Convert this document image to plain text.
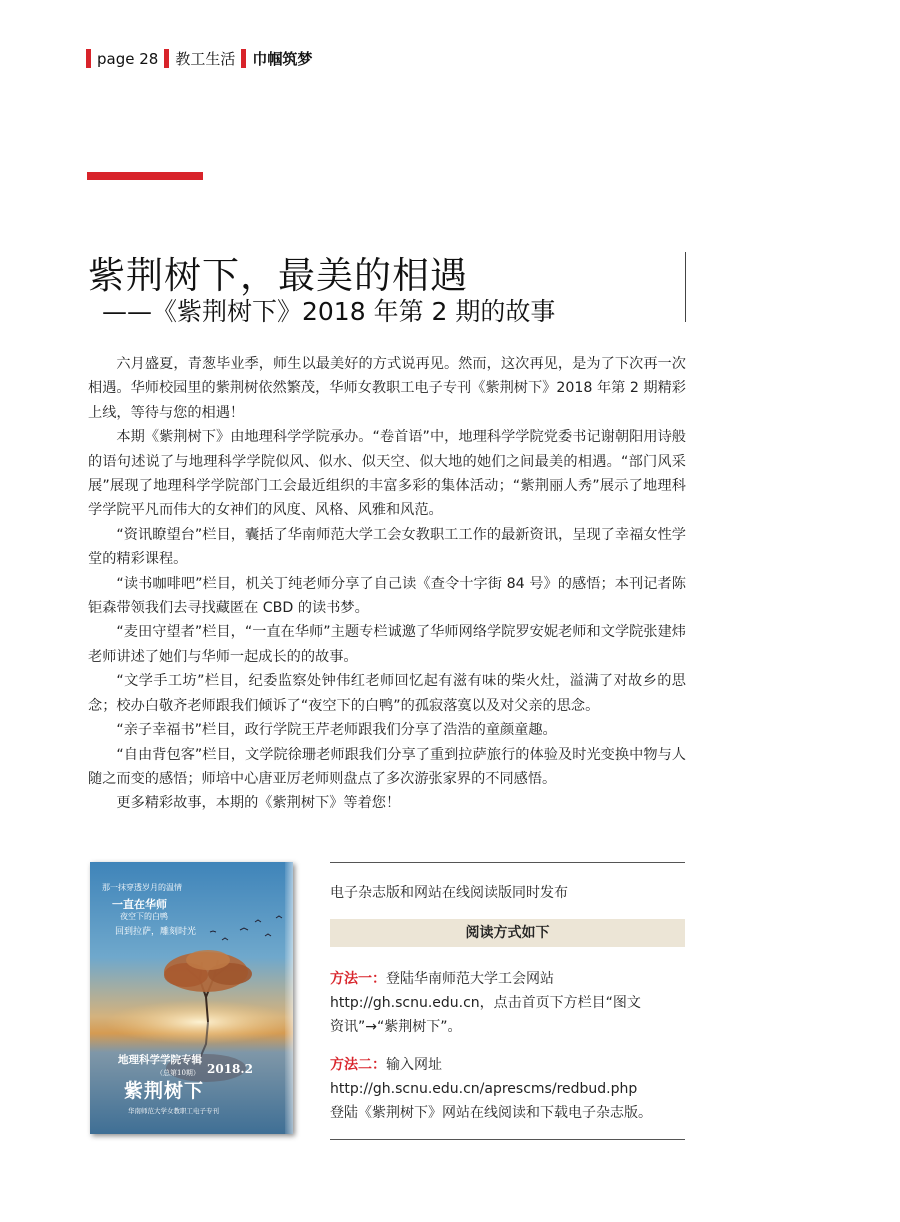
page 28 教工生活 巾帼筑梦
紫荆树下，最美的相遇
——《紫荆树下》2018 年第 2 期的故事

六月盛夏，青葱毕业季，师生以最美好的方式说再见。然而，这次再见，是为了下次再一次相遇。华师校园里的紫荆树依然繁茂，华师女教职工电子专刊《紫荆树下》2018 年第 2 期精彩上线，等待与您的相遇！

本期《紫荆树下》由地理科学学院承办。“卷首语”中，地理科学学院党委书记谢朝阳用诗般的语句述说了与地理科学学院似风、似水、似天空、似大地的她们之间最美的相遇。“部门风采展”展现了地理科学学院部门工会最近组织的丰富多彩的集体活动；“紫荆丽人秀”展示了地理科学学院平凡而伟大的女神们的风度、风格、风雅和风范。

“资讯瞭望台”栏目，囊括了华南师范大学工会女教职工工作的最新资讯，呈现了幸福女性学堂的精彩课程。

“读书咖啡吧”栏目，机关丁纯老师分享了自己读《查令十字街 84 号》的感悟；本刊记者陈钜森带领我们去寻找藏匿在 CBD 的读书梦。

“麦田守望者”栏目，“一直在华师”主题专栏诚邀了华师网络学院罗安妮老师和文学院张建炜老师讲述了她们与华师一起成长的的故事。

“文学手工坊”栏目，纪委监察处钟伟红老师回忆起有滋有味的柴火灶，溢满了对故乡的思念；校办白敬齐老师跟我们倾诉了“夜空下的白鸭”的孤寂落寞以及对父亲的思念。

“亲子幸福书”栏目，政行学院王芹老师跟我们分享了浩浩的童颜童趣。

“自由背包客”栏目，文学院徐珊老师跟我们分享了重到拉萨旅行的体验及时光变换中物与人随之而变的感悟；师培中心唐亚厉老师则盘点了多次游张家界的不同感悟。

更多精彩故事，本期的《紫荆树下》等着您！

那一抹穿透岁月的温情
一直在华师
夜空下的白鸭
回到拉萨，雕刻时光
地理科学学院专辑
（总第10期） 2018.2
紫荆树下
华南师范大学女教职工电子专刊
电子杂志版和网站在线阅读版同时发布
阅读方式如下
方法一：登陆华南师范大学工会网站
http://gh.scnu.edu.cn，点击首页下方栏目“图文
资讯”→“紫荆树下”。
方法二：输入网址
http://gh.scnu.edu.cn/aprescms/redbud.php
登陆《紫荆树下》网站在线阅读和下载电子杂志版。
